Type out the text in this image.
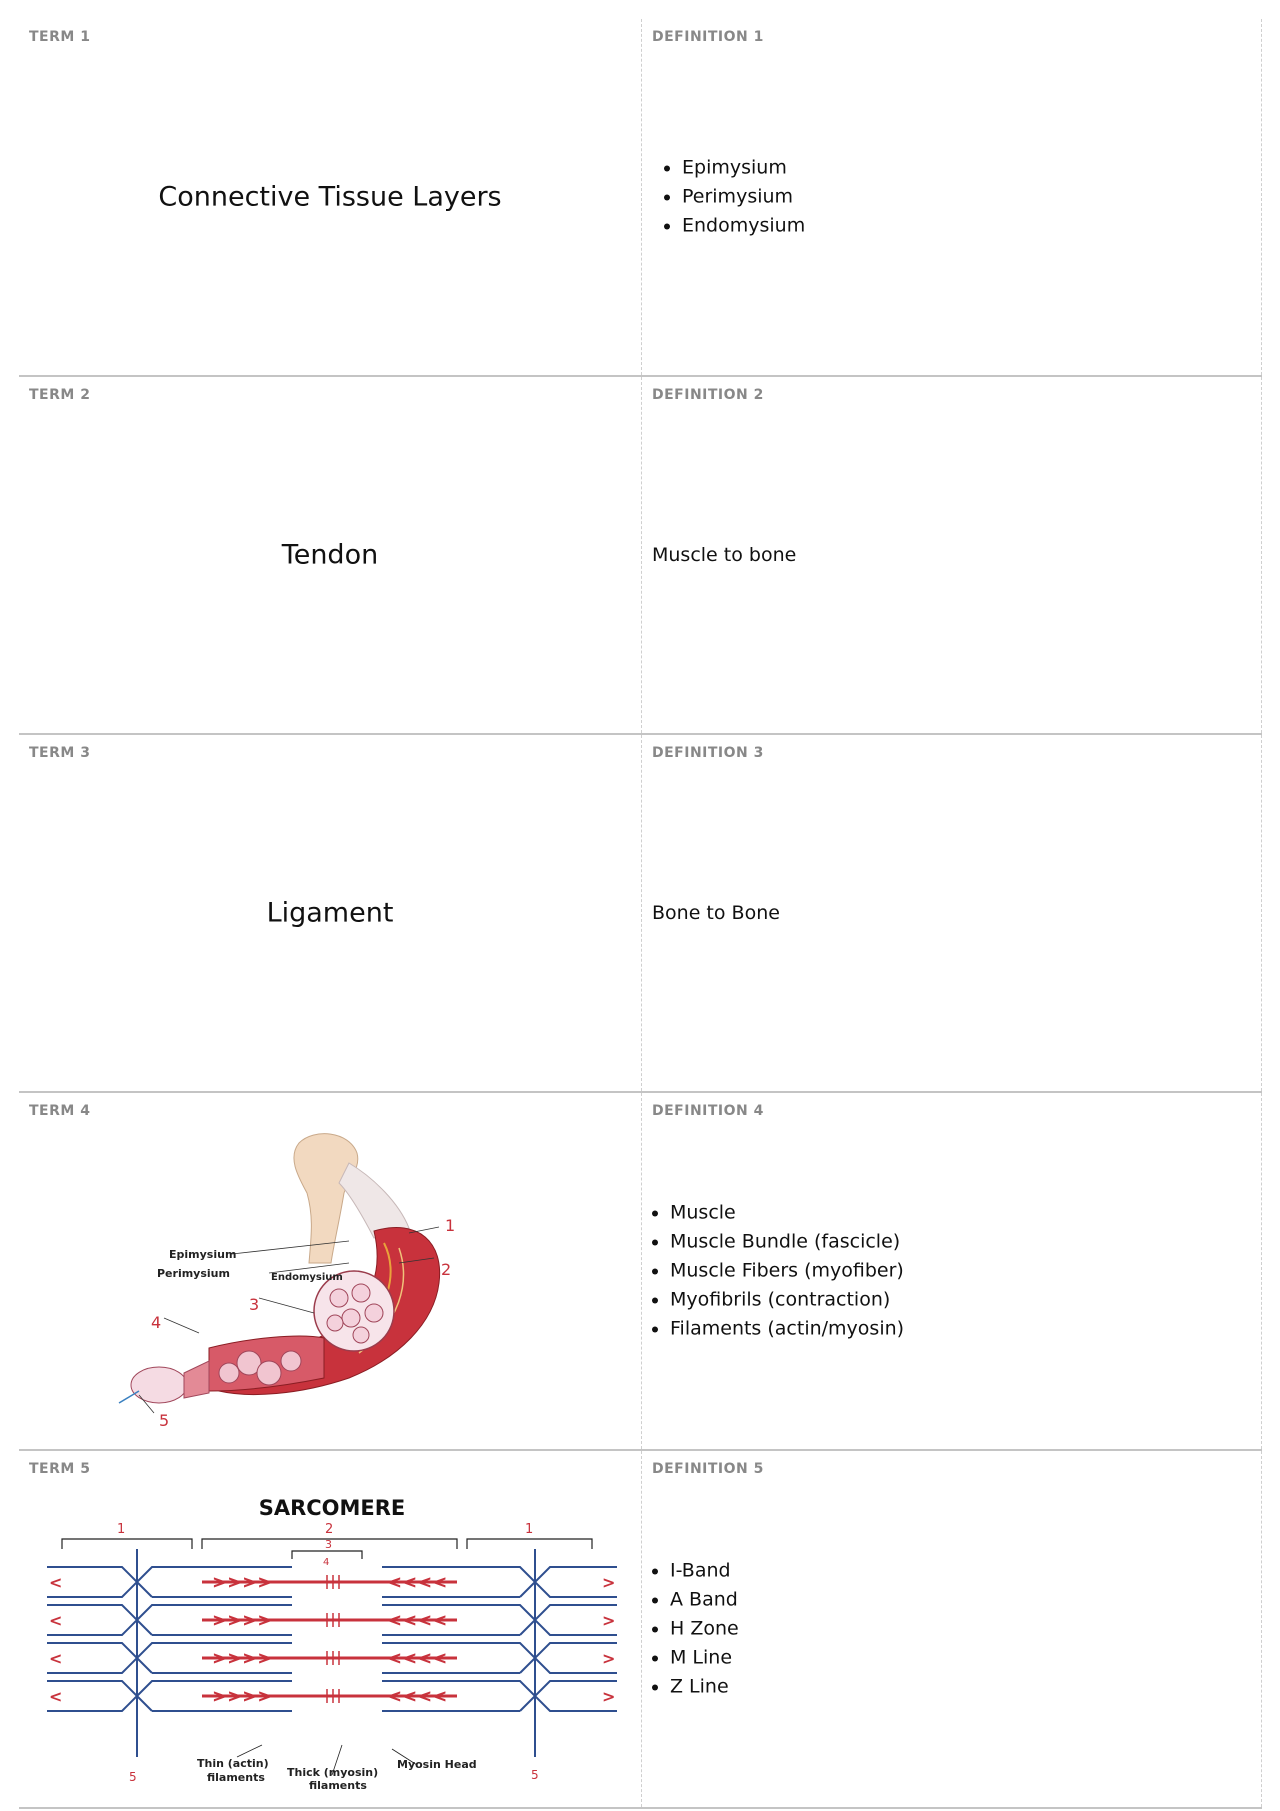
TERM 1
Connective Tissue Layers
DEFINITION 1
• Epimysium
• Perimysium
• Endomysium
TERM 2
Tendon
DEFINITION 2
Muscle to bone
TERM 3
Ligament
DEFINITION 3
Bone to Bone
TERM 4
Epimysium
Perimysium	Endomysium
1
2
3
4
5
DEFINITION 4
• Muscle
• Muscle Bundle (fascicle)
• Muscle Fibers (myofiber)
• Myofibrils (contraction)
• Filaments (actin/myosin)
TERM 5
SARCOMERE
1	2
3
4
1
>>>>	<<<<
<	>
>>>>	<<<<
<	>
>>>>	<<<<
<	>
>>>>	<<<<
<	>
5	5
Thin (actin)
filaments Thick (myosin)
filaments
Myosin Head
DEFINITION 5
• I-Band
• A Band
• H Zone
• M Line
• Z Line
